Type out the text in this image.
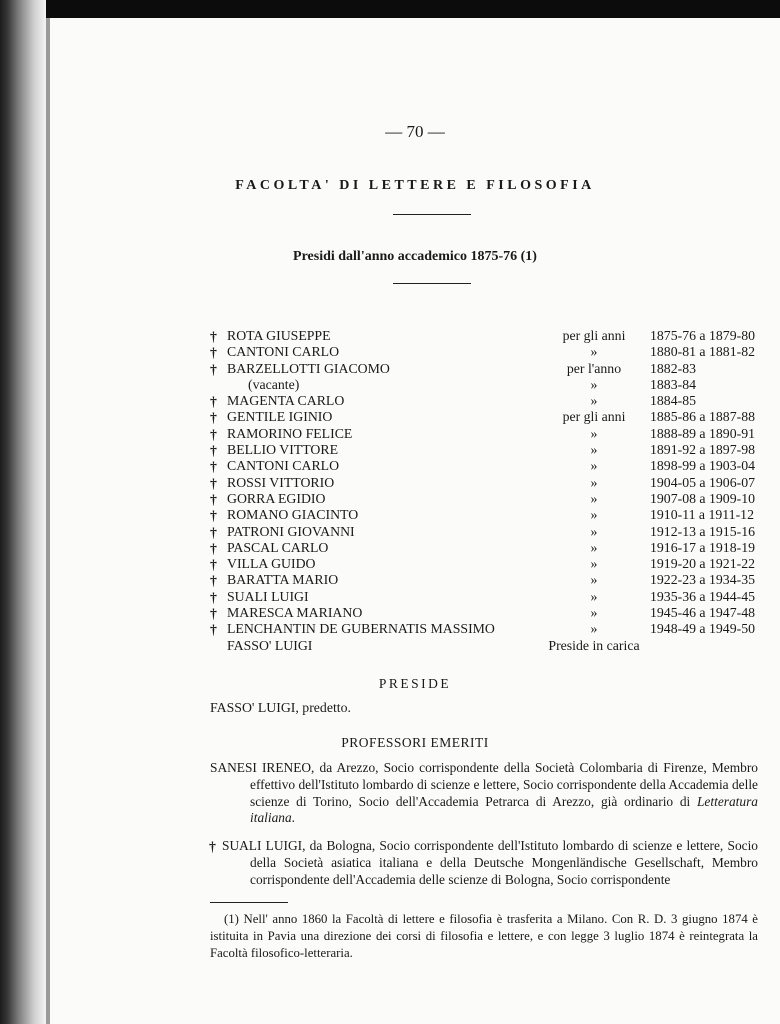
— 70 —
FACOLTA' DI LETTERE E FILOSOFIA
Presidi dall'anno accademico 1875-76 (1)
† ROTA GIUSEPPE	per gli anni	1875-76 a 1879-80
† CANTONI CARLO	»	1880-81 a 1881-82
† BARZELLOTTI GIACOMO	per l'anno	1882-83
(vacante)	»	1883-84
† MAGENTA CARLO	»	1884-85
† GENTILE IGINIO	per gli anni	1885-86 a 1887-88
† RAMORINO FELICE	»	1888-89 a 1890-91
† BELLIO VITTORE	»	1891-92 a 1897-98
† CANTONI CARLO	»	1898-99 a 1903-04
† ROSSI VITTORIO	»	1904-05 a 1906-07
† GORRA EGIDIO	»	1907-08 a 1909-10
† ROMANO GIACINTO	»	1910-11 a 1911-12
† PATRONI GIOVANNI	»	1912-13 a 1915-16
† PASCAL CARLO	»	1916-17 a 1918-19
† VILLA GUIDO	»	1919-20 a 1921-22
† BARATTA MARIO	»	1922-23 a 1934-35
† SUALI LUIGI	»	1935-36 a 1944-45
† MARESCA MARIANO	»	1945-46 a 1947-48
† LENCHANTIN DE GUBERNATIS MASSIMO	»	1948-49 a 1949-50
FASSO' LUIGI	Preside in carica
PRESIDE
FASSO' LUIGI, predetto.
PROFESSORI EMERITI
SANESI IRENEO, da Arezzo, Socio corrispondente della Società Colombaria di Firenze, Membro effettivo dell'Istituto lombardo di scienze e lettere, Socio corrispondente della Accademia delle scienze di Torino, Socio dell'Accademia Petrarca di Arezzo, già ordinario di Letteratura italiana.
† SUALI LUIGI, da Bologna, Socio corrispondente dell'Istituto lombardo di scienze e lettere, Socio della Società asiatica italiana e della Deutsche Mongenländische Gesellschaft, Membro corrispondente dell'Accademia delle scienze di Bologna, Socio corrispondente
(1) Nell' anno 1860 la Facoltà di lettere e filosofia è trasferita a Milano. Con R. D. 3 giugno 1874 è istituita in Pavia una direzione dei corsi di filosofia e lettere, e con legge 3 luglio 1874 è reintegrata la Facoltà filosofico-letteraria.
